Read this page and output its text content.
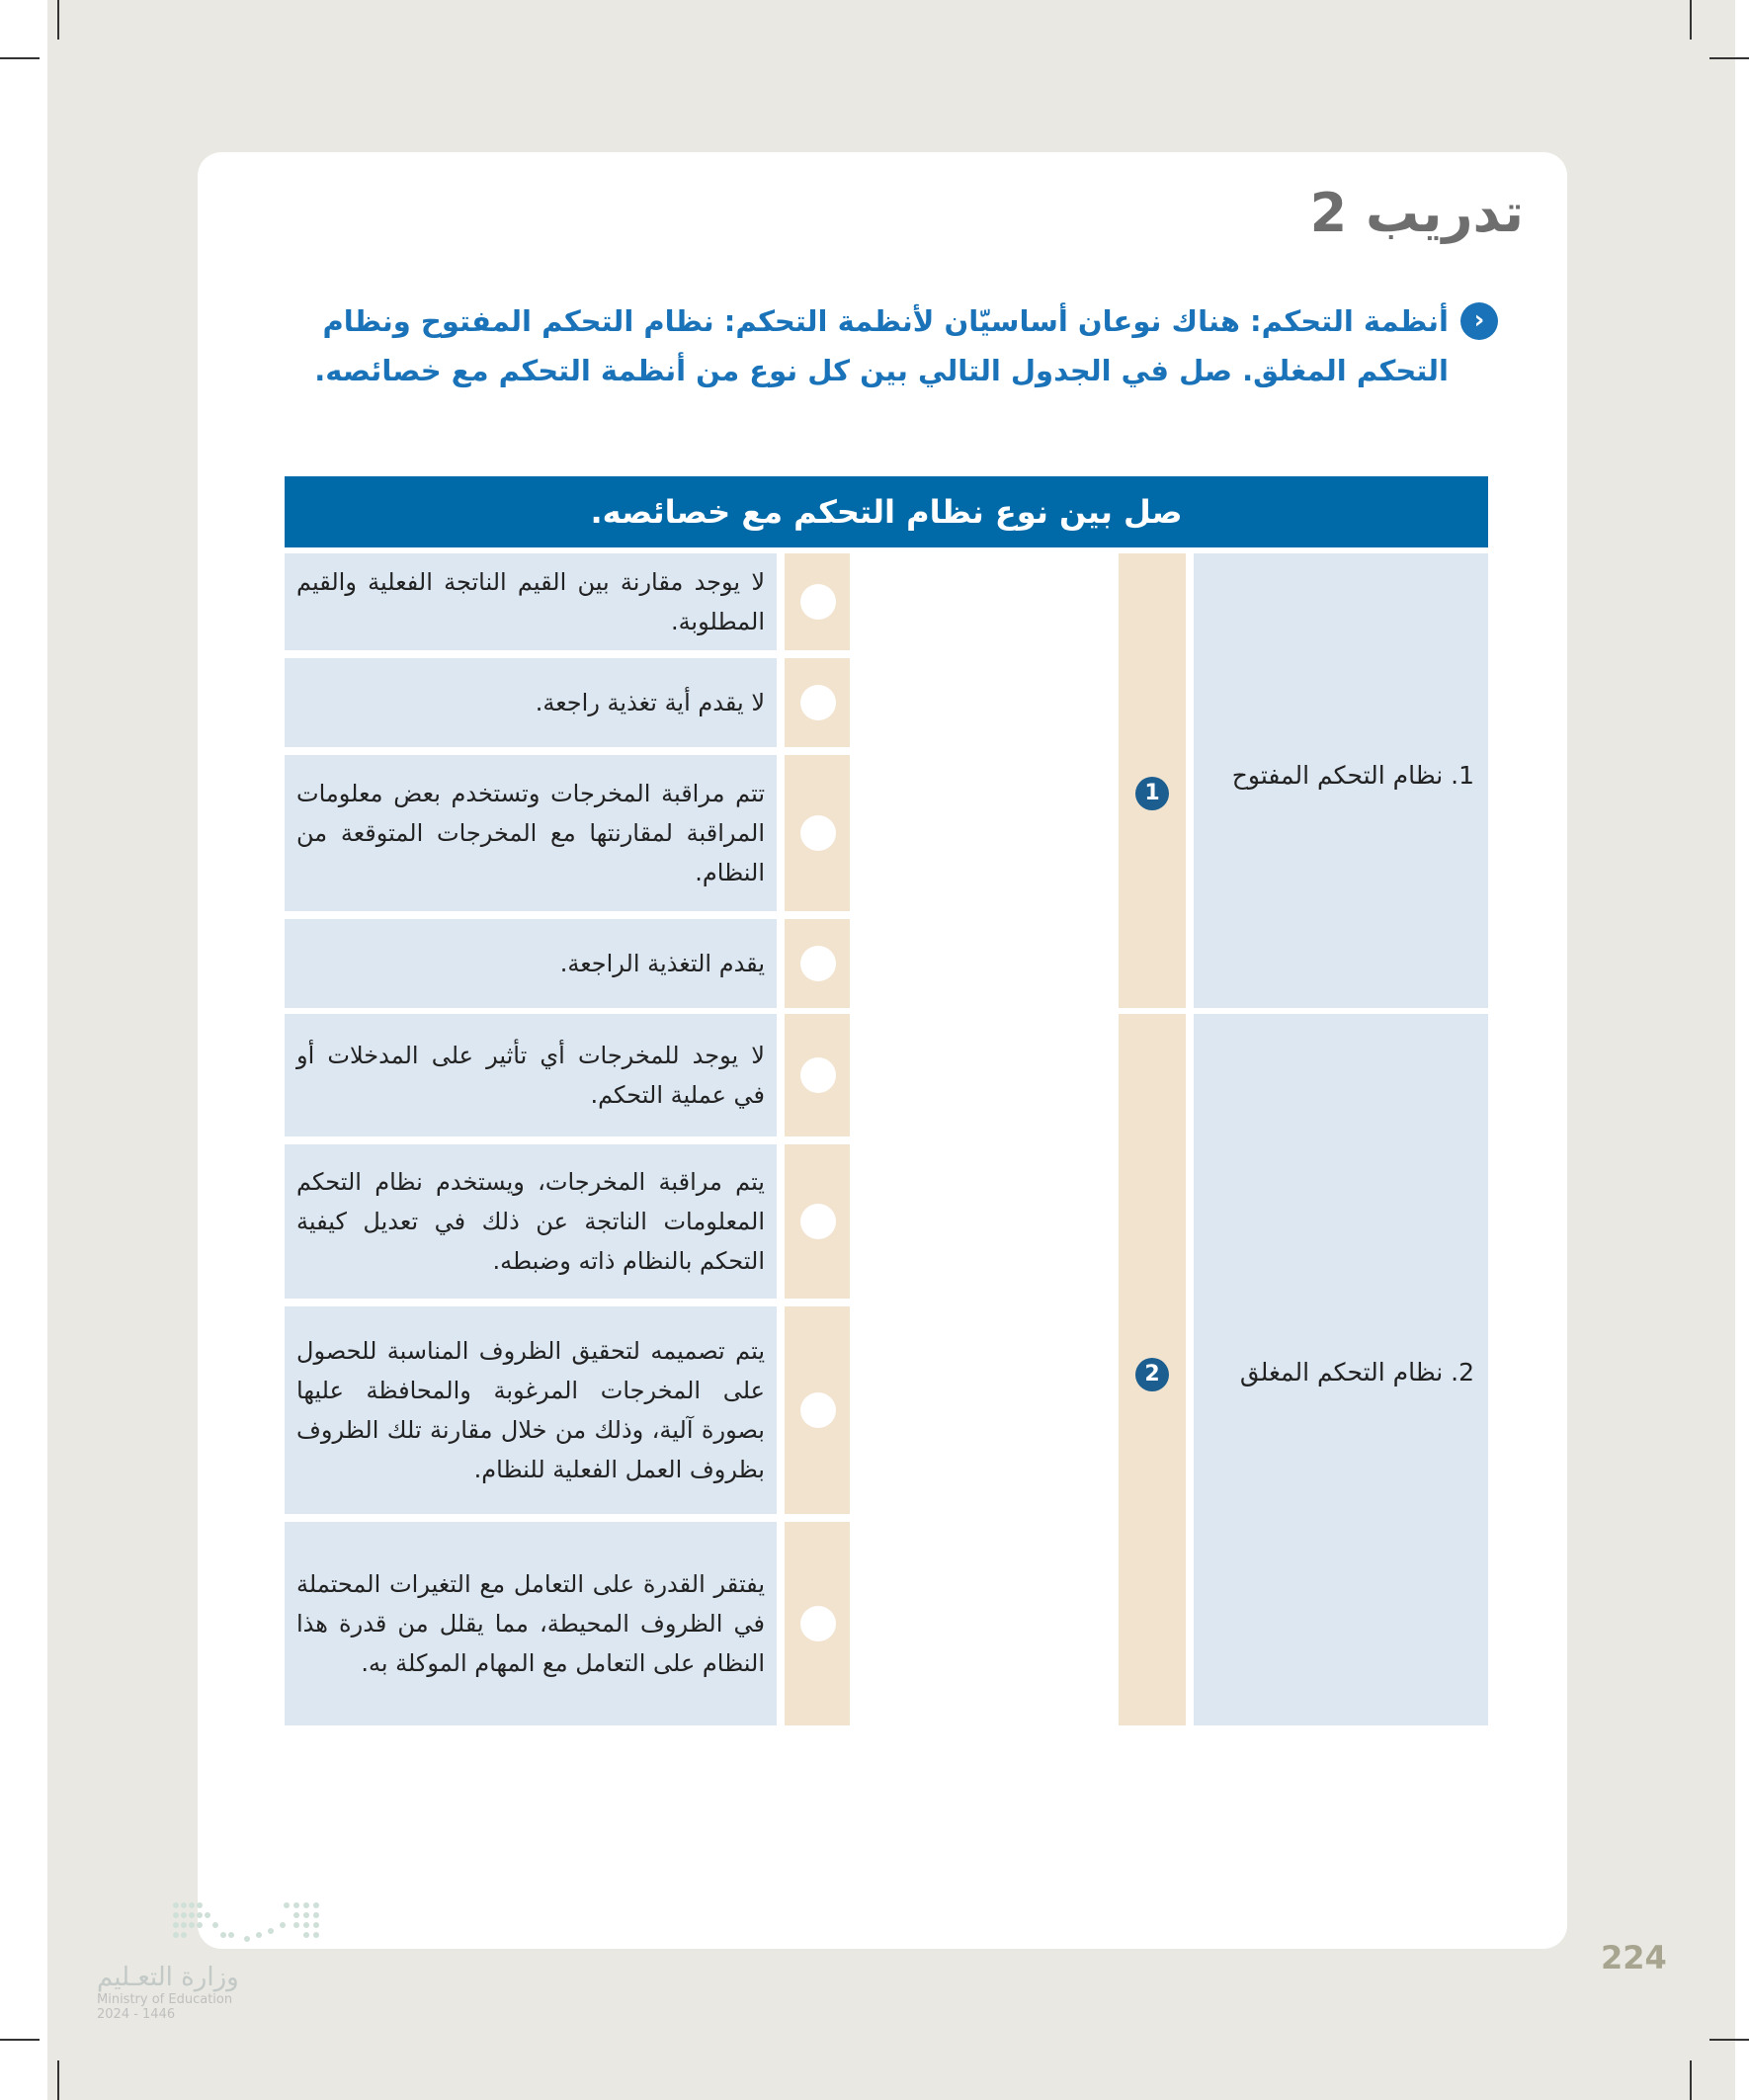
تدريب 2
›
أنظمة التحكم: هناك نوعان أساسيّان لأنظمة التحكم: نظام التحكم المفتوح ونظام التحكم المغلق. صل في الجدول التالي بين كل نوع من أنظمة التحكم مع خصائصه.
صل بين نوع نظام التحكم مع خصائصه.
1. نظام التحكم المفتوح
2. نظام التحكم المغلق
1
2
لا يوجد مقارنة بين القيم الناتجة الفعلية والقيم المطلوبة.
لا يقدم أية تغذية راجعة.
تتم مراقبة المخرجات وتستخدم بعض معلومات المراقبة لمقارنتها مع المخرجات المتوقعة من النظام.
يقدم التغذية الراجعة.
لا يوجد للمخرجات أي تأثير على المدخلات أو في عملية التحكم.
يتم مراقبة المخرجات، ويستخدم نظام التحكم المعلومات الناتجة عن ذلك في تعديل كيفية التحكم بالنظام ذاته وضبطه.
يتم تصميمه لتحقيق الظروف المناسبة للحصول على المخرجات المرغوبة والمحافظة عليها بصورة آلية، وذلك من خلال مقارنة تلك الظروف بظروف العمل الفعلية للنظام.
يفتقر القدرة على التعامل مع التغيرات المحتملة في الظروف المحيطة، مما يقلل من قدرة هذا النظام على التعامل مع المهام الموكلة به.
وزارة التعـليم
Ministry of Education
2024 - 1446
224
